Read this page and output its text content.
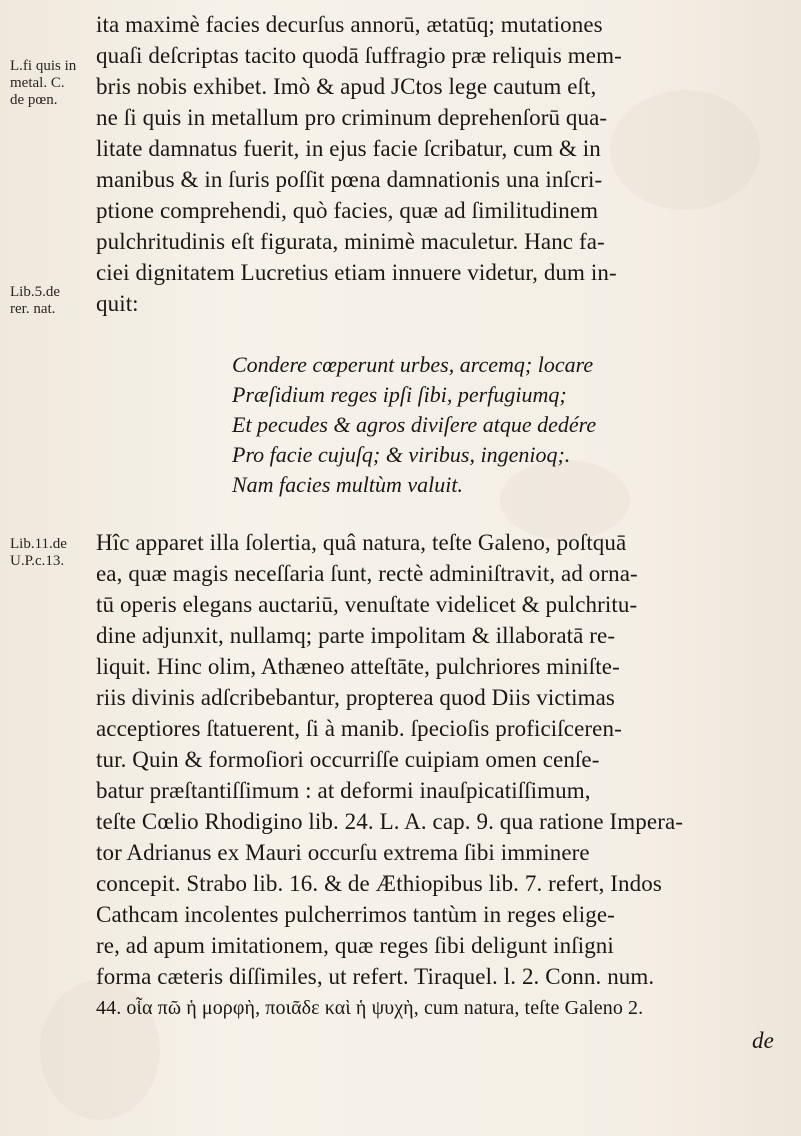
L.fi quis in
metal. C.
de pœn.
Lib.5.de
rer. nat.
Lib.11.de
U.P.c.13.
ita maximè facies decurſus annorū, ætatūq; mutationes
quaſi deſcriptas tacito quodā ſuffragio præ reliquis mem-
bris nobis exhibet. Imò & apud JCtos lege cautum eſt,
ne ſi quis in metallum pro criminum deprehenſorū qua-
litate damnatus fuerit, in ejus facie ſcribatur, cum & in
manibus & in ſuris poſſit pœna damnationis una inſcri-
ptione comprehendi, quò facies, quæ ad ſimilitudinem
pulchritudinis eſt figurata, minimè maculetur. Hanc fa-
ciei dignitatem Lucretius etiam innuere videtur, dum in-
quit:
Condere cœperunt urbes, arcemq; locare
Præſidium reges ipſi ſibi, perfugiumq;
Et pecudes & agros diviſere atque dedére
Pro facie cujuſq; & viribus, ingenioq;.
Nam facies multùm valuit.
Hîc apparet illa ſolertia, quâ natura, teſte Galeno, poſtquā
ea, quæ magis neceſſaria ſunt, rectè adminiſtravit, ad orna-
tū operis elegans auctariū, venuſtate videlicet & pulchritu-
dine adjunxit, nullamq; parte impolitam & illaboratā re-
liquit. Hinc olim, Athæneo atteſtāte, pulchriores miniſte-
riis divinis adſcribebantur, propterea quod Diis victimas
acceptiores ſtatuerent, ſi à manib. ſpecioſis proficiſceren-
tur. Quin & formoſiori occurriſſe cuipiam omen cenſe-
batur præſtantiſſimum : at deformi inauſpicatiſſimum,
teſte Cœlio Rhodigino lib. 24. L. A. cap. 9. qua ratione Impera-
tor Adrianus ex Mauri occurſu extrema ſibi imminere
concepit. Strabo lib. 16. & de Æthiopibus lib. 7. refert, Indos
Cathcam incolentes pulcherrimos tantùm in reges elige-
re, ad apum imitationem, quæ reges ſibi deligunt inſigni
forma cæteris diſſimiles, ut refert. Tiraquel. l. 2. Conn. num.
44. οἷα πῶ ἡ μορφὴ, ποιᾶδε καὶ ἡ ψυχὴ, cum natura, teſte Galeno 2.
de
